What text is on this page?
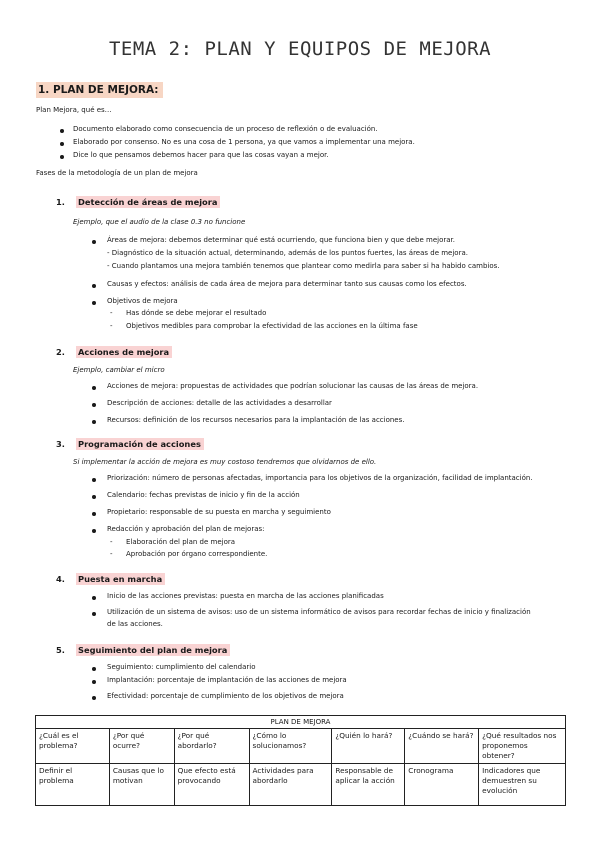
TEMA 2: PLAN Y EQUIPOS DE MEJORA
1. PLAN DE MEJORA:
Plan Mejora, qué es…
Documento elaborado como consecuencia de un proceso de reflexión o de evaluación.
Elaborado por consenso. No es una cosa de 1 persona, ya que vamos a implementar una mejora.
Dice lo que pensamos debemos hacer para que las cosas vayan a mejor.
Fases de la metodología de un plan de mejora
1. Detección de áreas de mejora
Ejemplo, que el audio de la clase 0.3 no funcione
Áreas de mejora: debemos determinar qué está ocurriendo, que funciona bien y que debe mejorar.
- Diagnóstico de la situación actual, determinando, además de los puntos fuertes, las áreas de mejora.
- Cuando plantamos una mejora también tenemos que plantear como medirla para saber si ha habido cambios.
Causas y efectos: análisis de cada área de mejora para determinar tanto sus causas como los efectos.
Objetivos de mejora
- Has dónde se debe mejorar el resultado
- Objetivos medibles para comprobar la efectividad de las acciones en la última fase
2. Acciones de mejora
Ejemplo, cambiar el micro
Acciones de mejora: propuestas de actividades que podrían solucionar las causas de las áreas de mejora.
Descripción de acciones: detalle de las actividades a desarrollar
Recursos: definición de los recursos necesarios para la implantación de las acciones.
3. Programación de acciones
Si implementar la acción de mejora es muy costoso tendremos que olvidarnos de ello.
Priorización: número de personas afectadas, importancia para los objetivos de la organización, facilidad de implantación.
Calendario: fechas previstas de inicio y fin de la acción
Propietario: responsable de su puesta en marcha y seguimiento
Redacción y aprobación del plan de mejoras:
- Elaboración del plan de mejora
- Aprobación por órgano correspondiente.
4. Puesta en marcha
Inicio de las acciones previstas: puesta en marcha de las acciones planificadas
Utilización de un sistema de avisos: uso de un sistema informático de avisos para recordar fechas de inicio y finalización
de las acciones.
5. Seguimiento del plan de mejora
Seguimiento: cumplimiento del calendario
Implantación: porcentaje de implantación de las acciones de mejora
Efectividad: porcentaje de cumplimiento de los objetivos de mejora
PLAN DE MEJORA						
¿Cuál es el problema?	¿Por qué ocurre?	¿Por qué abordarlo?	¿Cómo lo solucionamos?	¿Quién lo hará?	¿Cuándo se hará?	¿Qué resultados nos proponemos obtener?
Definir el problema	Causas que lo motivan	Que efecto está provocando	Actividades para abordarlo	Responsable de aplicar la acción	Cronograma	Indicadores que demuestren su evolución
